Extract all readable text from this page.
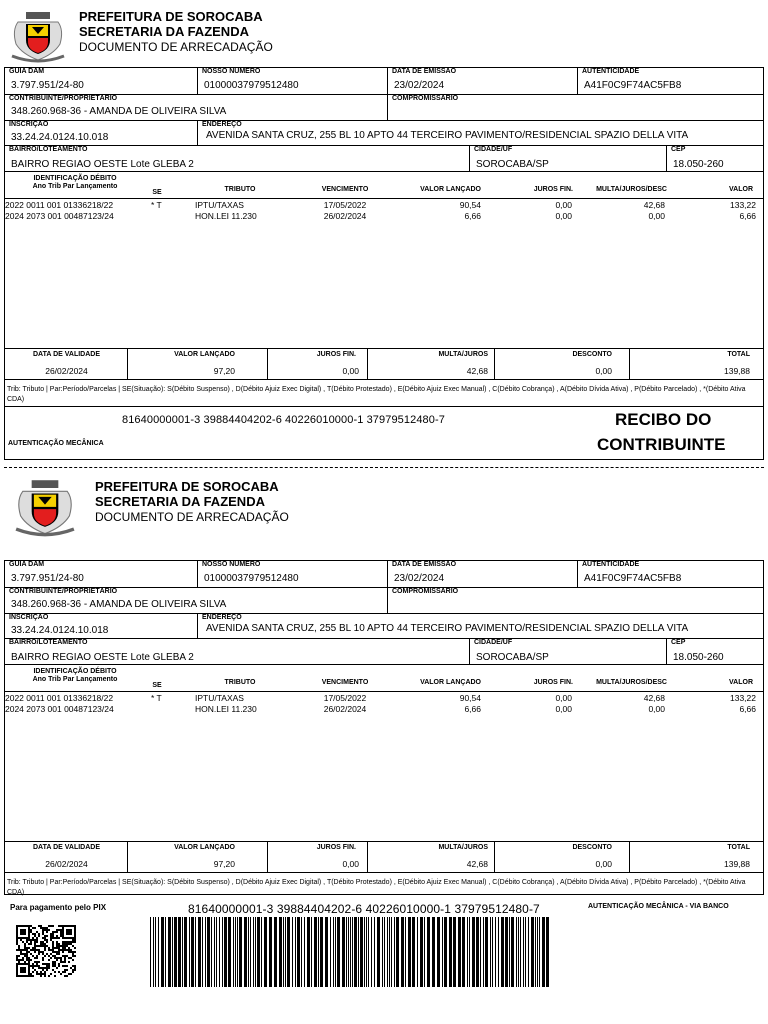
PREFEITURA DE SOROCABA
SECRETARIA DA FAZENDA
DOCUMENTO DE ARRECADAÇÃO
GUIA DAM
3.797.951/24-80
NOSSO NÚMERO
01000037979512480
DATA DE EMISSÃO
23/02/2024
AUTENTICIDADE
A41F0C9F74AC5FB8
CONTRIBUINTE/PROPRIETÁRIO
348.260.968-36 - AMANDA DE OLIVEIRA SILVA
COMPROMISSÁRIO
INSCRIÇÃO
33.24.24.0124.10.018
ENDEREÇO
AVENIDA SANTA CRUZ, 255 BL 10 APTO 44 TERCEIRO PAVIMENTO/RESIDENCIAL SPAZIO DELLA VITA
BAIRRO/LOTEAMENTO
BAIRRO REGIAO OESTE Lote GLEBA 2
CIDADE/UF
SOROCABA/SP
CEP
18.050-260
IDENTIFICAÇÃO DÉBITO
Ano Trib Par Lançamento
SE	TRIBUTO	VENCIMENTO	VALOR LANÇADO	JUROS FIN.	MULTA/JUROS/DESC	VALOR
2022 0011 001 01336218/22	* T	IPTU/TAXAS	17/05/2022	90,54	0,00	42,68	133,22
2024 2073 001 00487123/24	HON.LEI 11.230	26/02/2024	6,66	0,00	0,00	6,66
DATA DE VALIDADE
26/02/2024
VALOR LANÇADO
97,20
JUROS FIN.
0,00
MULTA/JUROS
42,68
DESCONTO
0,00
TOTAL
139,88
Trib: Tributo | Par:Período/Parcelas | SE(Situação): S(Débito Suspenso) , D(Débito Ajuiz Exec Digital) , T(Débito Protestado) , E(Débito Ajuiz Exec Manual) , C(Débito Cobrança) , A(Débito Dívida Ativa) , P(Débito Parcelado) , *(Débito Ativa CDA)
81640000001-3 39884404202-6 40226010000-1 37979512480-7	RECIBO DO
CONTRIBUINTE
AUTENTICAÇÃO MECÂNICA
PREFEITURA DE SOROCABA
SECRETARIA DA FAZENDA
DOCUMENTO DE ARRECADAÇÃO
GUIA DAM
3.797.951/24-80
NOSSO NÚMERO
01000037979512480
DATA DE EMISSÃO
23/02/2024
AUTENTICIDADE
A41F0C9F74AC5FB8
CONTRIBUINTE/PROPRIETÁRIO
348.260.968-36 - AMANDA DE OLIVEIRA SILVA
COMPROMISSÁRIO
INSCRIÇÃO
33.24.24.0124.10.018
ENDEREÇO
AVENIDA SANTA CRUZ, 255 BL 10 APTO 44 TERCEIRO PAVIMENTO/RESIDENCIAL SPAZIO DELLA VITA
BAIRRO/LOTEAMENTO
BAIRRO REGIAO OESTE Lote GLEBA 2
CIDADE/UF
SOROCABA/SP
CEP
18.050-260
IDENTIFICAÇÃO DÉBITO
Ano Trib Par Lançamento
SE	TRIBUTO	VENCIMENTO	VALOR LANÇADO	JUROS FIN.	MULTA/JUROS/DESC	VALOR
2022 0011 001 01336218/22	* T	IPTU/TAXAS	17/05/2022	90,54	0,00	42,68	133,22
2024 2073 001 00487123/24	HON.LEI 11.230	26/02/2024	6,66	0,00	0,00	6,66
DATA DE VALIDADE
26/02/2024
VALOR LANÇADO
97,20
JUROS FIN.
0,00
MULTA/JUROS
42,68
DESCONTO
0,00
TOTAL
139,88
Trib: Tributo | Par:Período/Parcelas | SE(Situação): S(Débito Suspenso) , D(Débito Ajuiz Exec Digital) , T(Débito Protestado) , E(Débito Ajuiz Exec Manual) , C(Débito Cobrança) , A(Débito Dívida Ativa) , P(Débito Parcelado) , *(Débito Ativa CDA)
Para pagamento pelo PIX	81640000001-3 39884404202-6 40226010000-1 37979512480-7	AUTENTICAÇÃO MECÂNICA - VIA BANCO
